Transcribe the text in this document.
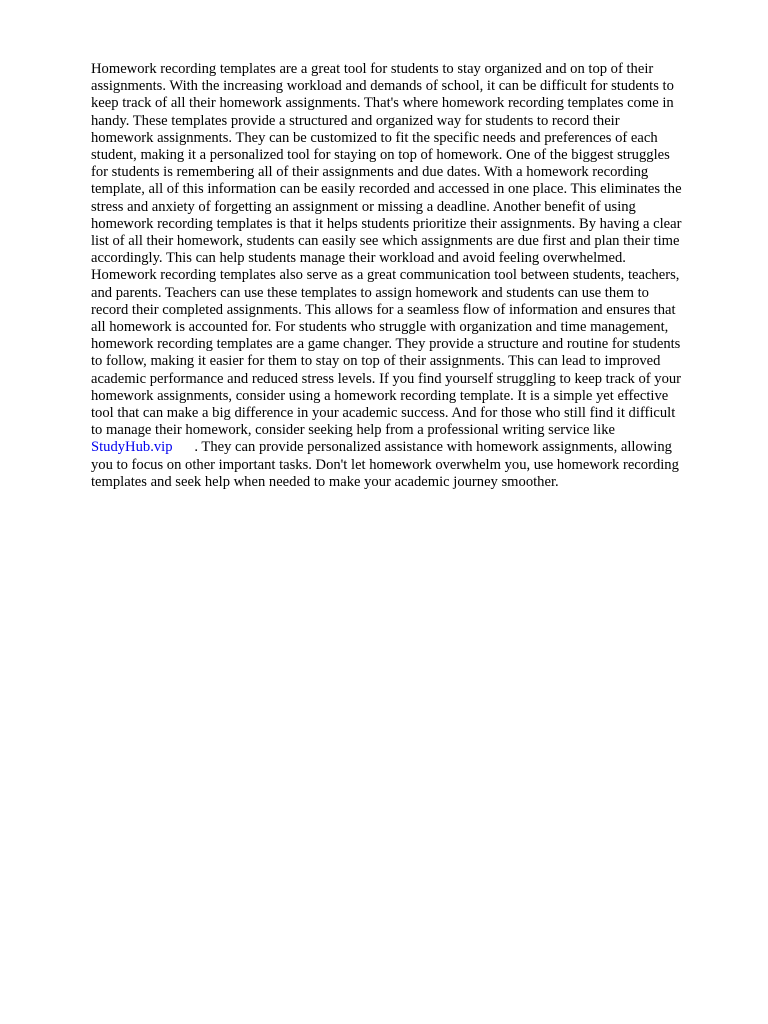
Homework recording templates are a great tool for students to stay organized and on top of their
assignments. With the increasing workload and demands of school, it can be difficult for students to
keep track of all their homework assignments. That's where homework recording templates come in
handy. These templates provide a structured and organized way for students to record their
homework assignments. They can be customized to fit the specific needs and preferences of each
student, making it a personalized tool for staying on top of homework. One of the biggest struggles
for students is remembering all of their assignments and due dates. With a homework recording
template, all of this information can be easily recorded and accessed in one place. This eliminates the
stress and anxiety of forgetting an assignment or missing a deadline. Another benefit of using
homework recording templates is that it helps students prioritize their assignments. By having a clear
list of all their homework, students can easily see which assignments are due first and plan their time
accordingly. This can help students manage their workload and avoid feeling overwhelmed.
Homework recording templates also serve as a great communication tool between students, teachers,
and parents. Teachers can use these templates to assign homework and students can use them to
record their completed assignments. This allows for a seamless flow of information and ensures that
all homework is accounted for. For students who struggle with organization and time management,
homework recording templates are a game changer. They provide a structure and routine for students
to follow, making it easier for them to stay on top of their assignments. This can lead to improved
academic performance and reduced stress levels. If you find yourself struggling to keep track of your
homework assignments, consider using a homework recording template. It is a simple yet effective
tool that can make a big difference in your academic success. And for those who still find it difficult
to manage their homework, consider seeking help from a professional writing service like
StudyHub.vip . They can provide personalized assistance with homework assignments, allowing
you to focus on other important tasks. Don't let homework overwhelm you, use homework recording
templates and seek help when needed to make your academic journey smoother.
